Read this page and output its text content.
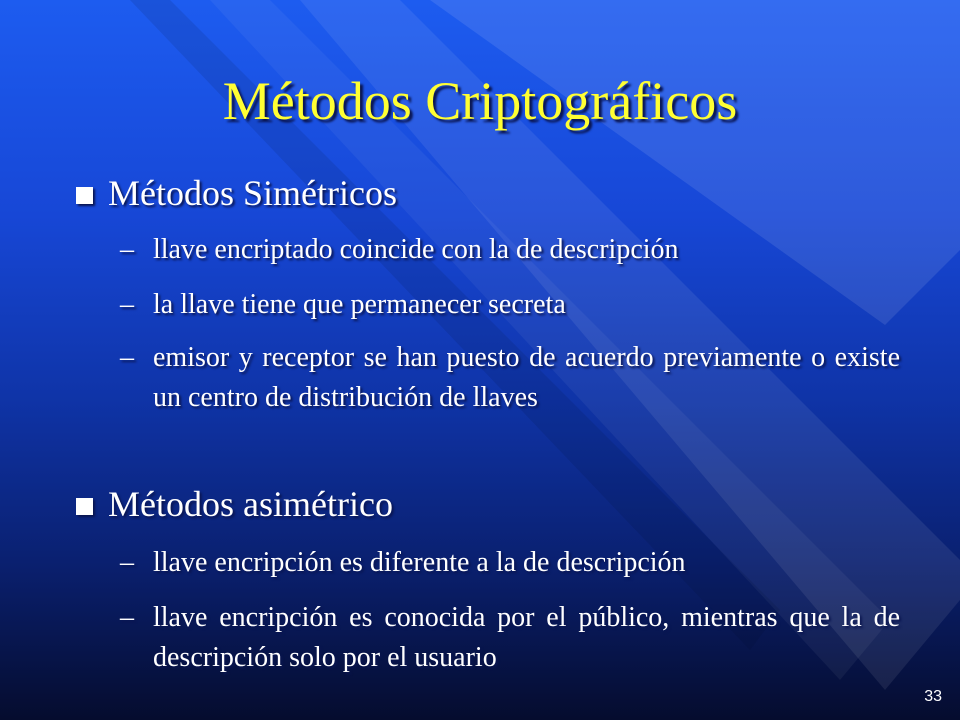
Métodos Criptográficos
Métodos Simétricos
– llave encriptado coincide con la de descripción
– la llave tiene que permanecer secreta
– emisor y receptor se han puesto de acuerdo previamente o existe un centro de distribución de llaves
Métodos asimétrico
– llave encripción es diferente a la de descripción
– llave encripción es conocida por el público, mientras que la de descripción solo por el usuario
33
